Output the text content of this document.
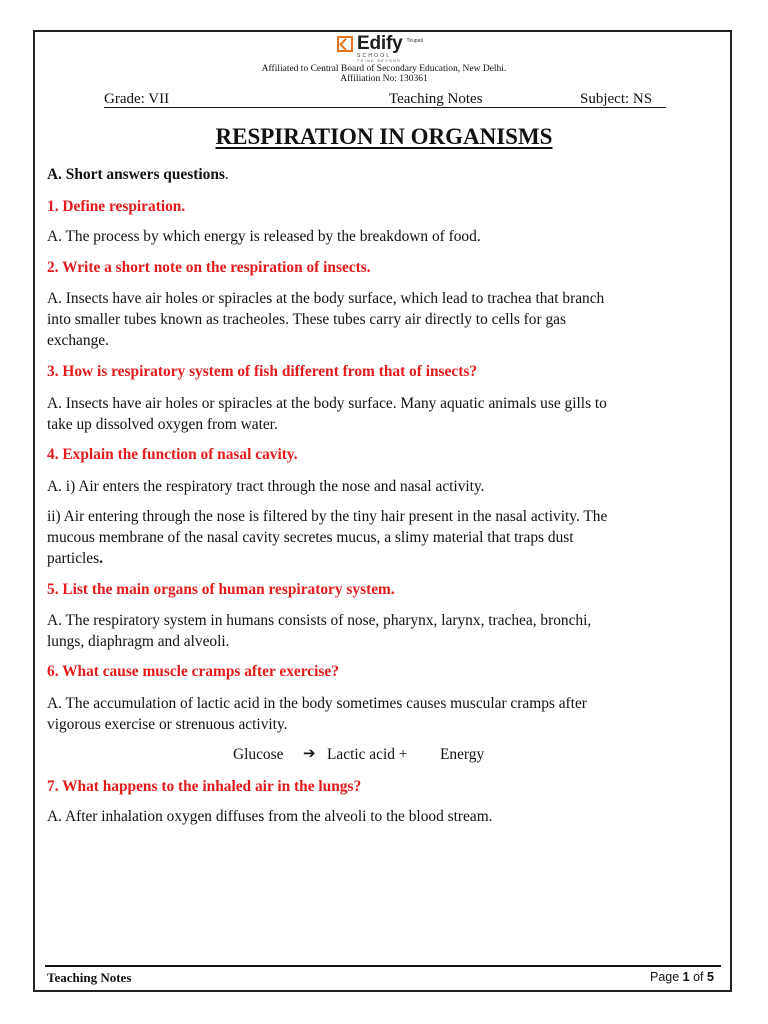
Edify
SCHOOL
THINK BEYOND
Tirupati
Affiliated to Central Board of Secondary Education, New Delhi.
Affiliation No: 130361
Grade: VII	Teaching Notes	Subject: NS
RESPIRATION IN ORGANISMS
A. Short answers questions.
1. Define respiration.
A. The process by which energy is released by the breakdown of food.
2. Write a short note on the respiration of insects.
A. Insects have air holes or spiracles at the body surface, which lead to trachea that branch
into smaller tubes known as tracheoles. These tubes carry air directly to cells for gas
exchange.
3. How is respiratory system of fish different from that of insects?
A. Insects have air holes or spiracles at the body surface. Many aquatic animals use gills to
take up dissolved oxygen from water.
4. Explain the function of nasal cavity.
A. i) Air enters the respiratory tract through the nose and nasal activity.
ii) Air entering through the nose is filtered by the tiny hair present in the nasal activity. The
mucous membrane of the nasal cavity secretes mucus, a slimy material that traps dust
particles.
5. List the main organs of human respiratory system.
A. The respiratory system in humans consists of nose, pharynx, larynx, trachea, bronchi,
lungs, diaphragm and alveoli.
6. What cause muscle cramps after exercise?
A. The accumulation of lactic acid in the body sometimes causes muscular cramps after
vigorous exercise or strenuous activity.
Glucose ➔ Lactic acid + Energy
7. What happens to the inhaled air in the lungs?
A. After inhalation oxygen diffuses from the alveoli to the blood stream.
Teaching Notes	Page 1 of 5
